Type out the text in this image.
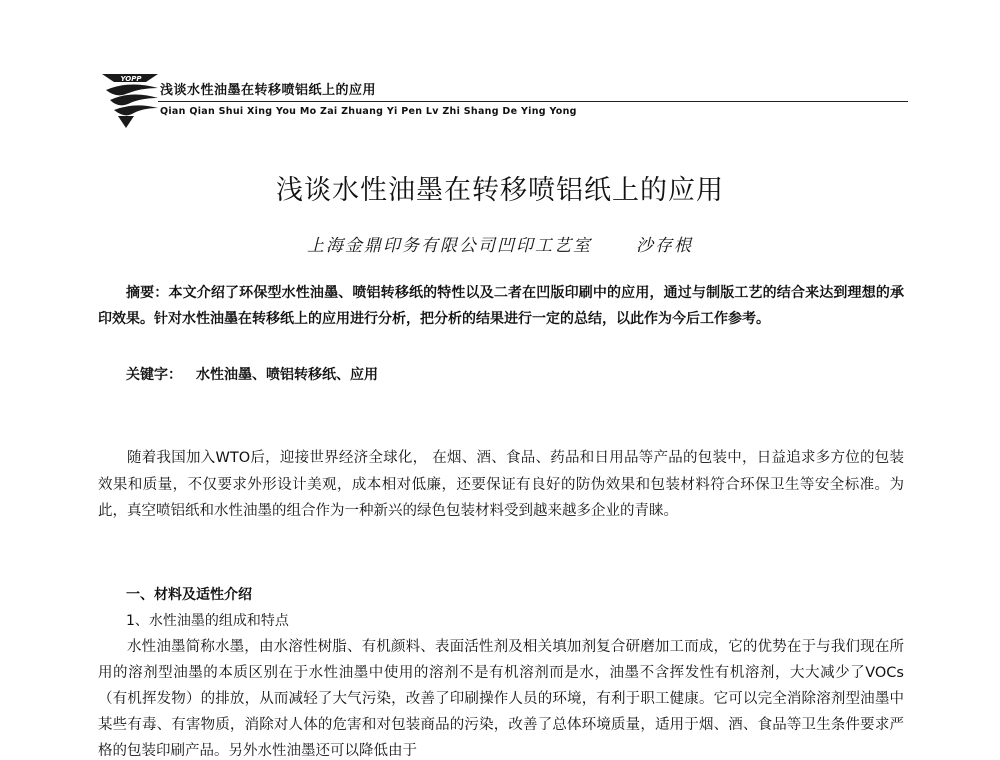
YOPP
浅谈水性油墨在转移喷铝纸上的应用
Qian Qian Shui Xing You Mo Zai Zhuang Yi Pen Lv Zhi Shang De Ying Yong
浅谈水性油墨在转移喷铝纸上的应用
上海金鼎印务有限公司凹印工艺室	沙存根
摘要：本文介绍了环保型水性油墨、喷铝转移纸的特性以及二者在凹版印刷中的应用，通过与制版工艺的结合来达到理想的承印效果。针对水性油墨在转移纸上的应用进行分析，把分析的结果进行一定的总结，以此作为今后工作参考。
关键字： 水性油墨、喷铝转移纸、应用
随着我国加入WTO后，迎接世界经济全球化， 在烟、酒、食品、药品和日用品等产品的包装中，日益追求多方位的包装效果和质量，不仅要求外形设计美观，成本相对低廉，还要保证有良好的防伪效果和包装材料符合环保卫生等安全标准。为此，真空喷铝纸和水性油墨的组合作为一种新兴的绿色包装材料受到越来越多企业的青睐。
一、材料及适性介绍
1、水性油墨的组成和特点
水性油墨简称水墨，由水溶性树脂、有机颜料、表面活性剂及相关填加剂复合研磨加工而成，它的优势在于与我们现在所用的溶剂型油墨的本质区别在于水性油墨中使用的溶剂不是有机溶剂而是水，油墨不含挥发性有机溶剂，大大减少了VOCs（有机挥发物）的排放，从而减轻了大气污染，改善了印刷操作人员的环境，有利于职工健康。它可以完全消除溶剂型油墨中某些有毒、有害物质，消除对人体的危害和对包装商品的污染，改善了总体环境质量，适用于烟、酒、食品等卫生条件要求严格的包装印刷产品。另外水性油墨还可以降低由于
